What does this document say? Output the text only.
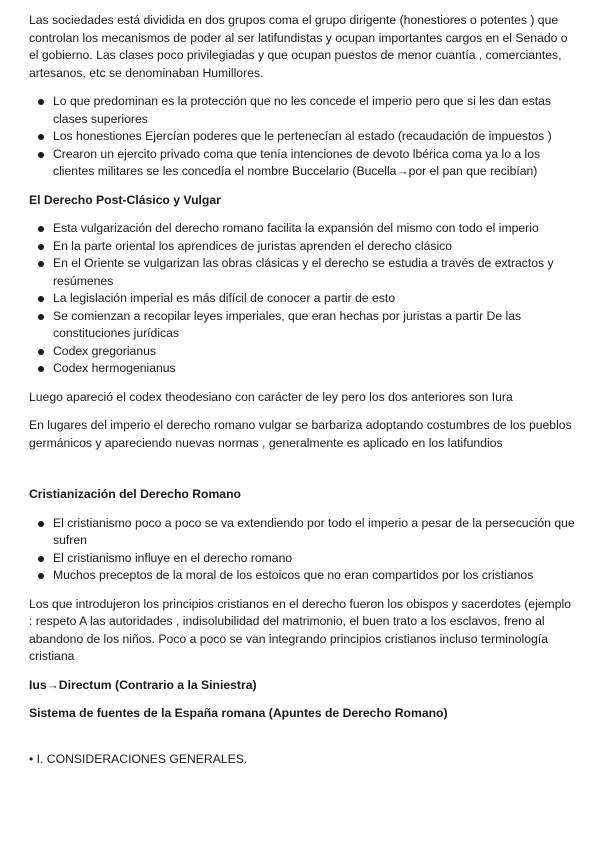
Las sociedades está dividida en dos grupos coma el grupo dirigente (honestiores o potentes ) que controlan los mecanismos de poder al ser latifundistas y ocupan importantes cargos en el Senado o el gobierno. Las clases poco privilegiadas y que ocupan puestos de menor cuantía , comerciantes, artesanos, etc se denominaban Humillores.

Lo que predominan es la protección que no les concede el imperio pero que si les dan estas clases superiores
Los honestiones Ejercían poderes que le pertenecían al estado (recaudación de impuestos )
Crearon un ejercito privado coma que tenía intenciones de devoto lbérica coma ya lo a los clientes militares se les concedía el nombre Buccelario (Bucella→por el pan que recibían)
El Derecho Post-Clásico y Vulgar
Esta vulgarización del derecho romano facilita la expansión del mismo con todo el imperio
En la parte oriental los aprendices de juristas aprenden el derecho clásico
En el Oriente se vulgarizan las obras clásicas y el derecho se estudia a través de extractos y resúmenes
La legislación imperial es más difícil de conocer a partir de esto
Se comienzan a recopilar leyes imperiales, que eran hechas por juristas a partir De las constituciones jurídicas
Codex gregorianus
Codex hermogenianus

Luego apareció el codex theodesiano con carácter de ley pero los dos anteriores son Iura

En lugares del imperio el derecho romano vulgar se barbariza adoptando costumbres de los pueblos germánicos y apareciendo nuevas normas , generalmente es aplicado en los latifundios

Cristianización del Derecho Romano
El cristianismo poco a poco se va extendiendo por todo el imperio a pesar de la persecución que sufren
El cristianismo influye en el derecho romano
Muchos preceptos de la moral de los estoicos que no eran compartidos por los cristianos

Los que introdujeron los principios cristianos en el derecho fueron los obispos y sacerdotes (ejemplo : respeto A las autoridades , indisolubilidad del matrimonio, el buen trato a los esclavos, freno al abandono de los niños. Poco a poco se van integrando principios cristianos incluso terminología cristiana

Ius→Directum (Contrario a la Siniestra)
Sistema de fuentes de la España romana (Apuntes de Derecho Romano)

• I. CONSIDERACIONES GENERALES.
